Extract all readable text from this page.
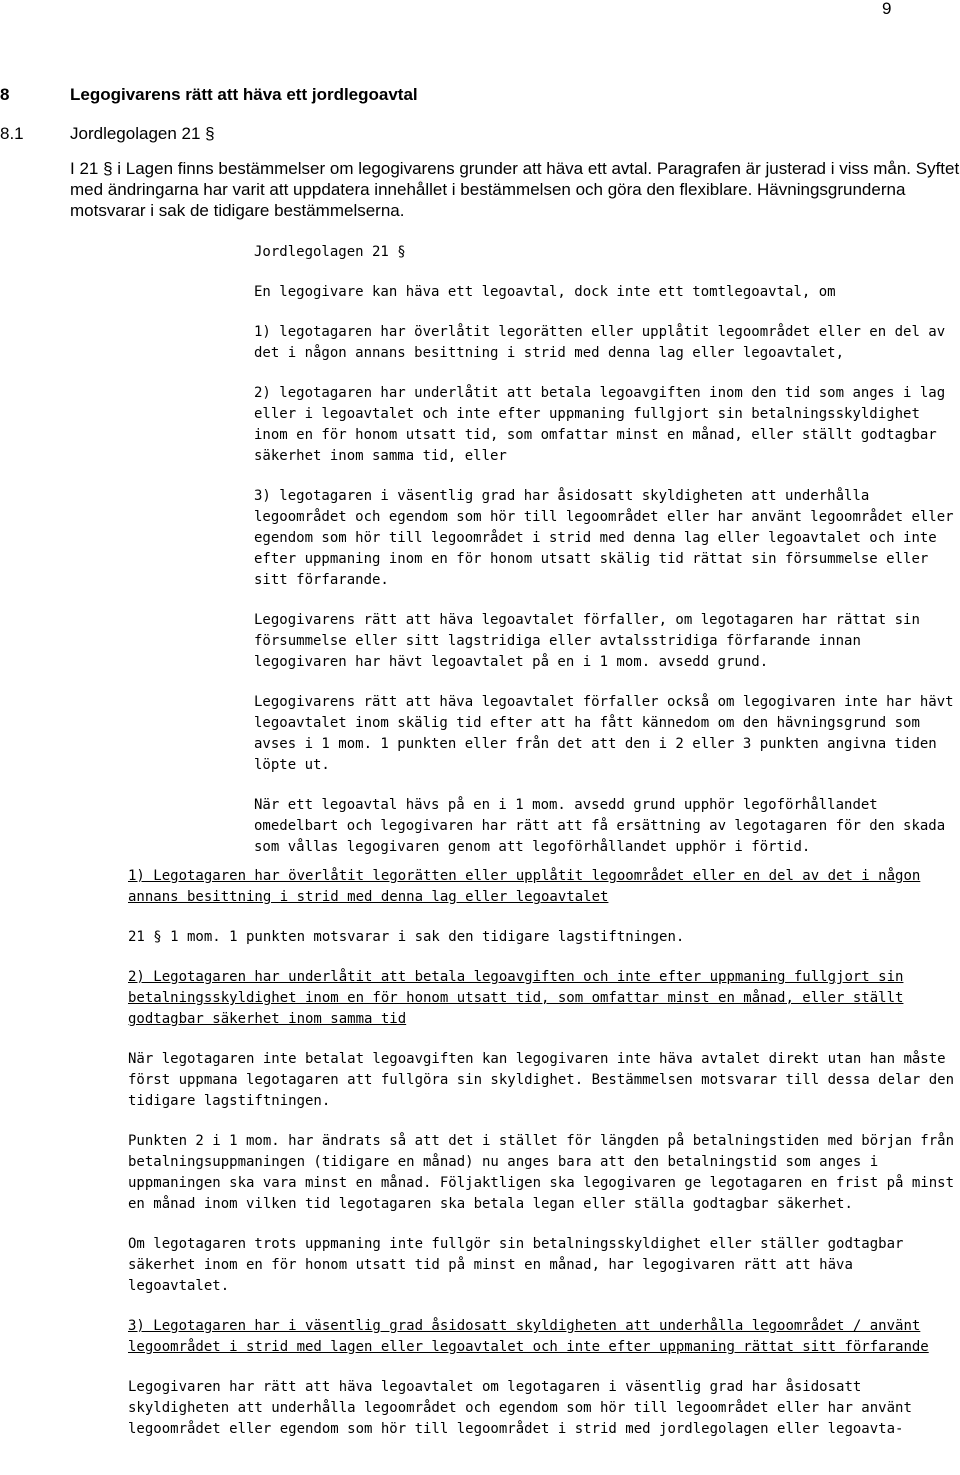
9
8	Legogivarens rätt att häva ett jordlegoavtal
8.1	Jordlegolagen 21 §

I 21 § i Lagen finns bestämmelser om legogivarens grunder att häva ett avtal. Paragrafen är justerad i viss mån. Syftet med ändringarna har varit att uppdatera innehållet i bestämmelsen och göra den flexiblare. Hävningsgrunderna motsvarar i sak de tidigare bestämmelserna.

Jordlegolagen 21 §

En legogivare kan häva ett legoavtal, dock inte ett tomtlegoavtal, om

1) legotagaren har överlåtit legorätten eller upplåtit legoområdet eller en del av det i någon annans besittning i strid med denna lag eller legoavtalet,

2) legotagaren har underlåtit att betala legoavgiften inom den tid som anges i lag eller i legoavtalet och inte efter uppmaning fullgjort sin betalningsskyldighet inom en för honom utsatt tid, som omfattar minst en månad, eller ställt godtagbar säkerhet inom samma tid, eller

3) legotagaren i väsentlig grad har åsidosatt skyldigheten att underhålla legoområdet och egendom som hör till legoområdet eller har använt legoområdet eller egendom som hör till legoområdet i strid med denna lag eller legoavtalet och inte efter uppmaning inom en för honom utsatt skälig tid rättat sin försummelse eller sitt förfarande.

Legogivarens rätt att häva legoavtalet förfaller, om legotagaren har rättat sin försummelse eller sitt lagstridiga eller avtalsstridiga förfarande innan legogivaren har hävt legoavtalet på en i 1 mom. avsedd grund.

Legogivarens rätt att häva legoavtalet förfaller också om legogivaren inte har hävt legoavtalet inom skälig tid efter att ha fått kännedom om den hävningsgrund som avses i 1 mom. 1 punkten eller från det att den i 2 eller 3 punkten angivna tiden löpte ut.

När ett legoavtal hävs på en i 1 mom. avsedd grund upphör legoförhållandet omedelbart och legogivaren har rätt att få ersättning av legotagaren för den skada som vållas legogivaren genom att legoförhållandet upphör i förtid.

1) Legotagaren har överlåtit legorätten eller upplåtit legoområdet eller en del av det i någon annans besittning i strid med denna lag eller legoavtalet

21 § 1 mom. 1 punkten motsvarar i sak den tidigare lagstiftningen.

2) Legotagaren har underlåtit att betala legoavgiften och inte efter uppmaning fullgjort sin betalningsskyldighet inom en för honom utsatt tid, som omfattar minst en månad, eller ställt godtagbar säkerhet inom samma tid

När legotagaren inte betalat legoavgiften kan legogivaren inte häva avtalet direkt utan han måste först uppmana legotagaren att fullgöra sin skyldighet. Bestämmelsen motsvarar till dessa delar den tidigare lagstiftningen.

Punkten 2 i 1 mom. har ändrats så att det i stället för längden på betalningstiden med början från betalningsuppmaningen (tidigare en månad) nu anges bara att den betalningstid som anges i uppmaningen ska vara minst en månad. Följaktligen ska legogivaren ge legotagaren en frist på minst en månad inom vilken tid legotagaren ska betala legan eller ställa godtagbar säkerhet.

Om legotagaren trots uppmaning inte fullgör sin betalningsskyldighet eller ställer godtagbar säkerhet inom en för honom utsatt tid på minst en månad, har legogivaren rätt att häva legoavtalet.

3) Legotagaren har i väsentlig grad åsidosatt skyldigheten att underhålla legoområdet / använt legoområdet i strid med lagen eller legoavtalet och inte efter uppmaning rättat sitt förfarande

Legogivaren har rätt att häva legoavtalet om legotagaren i väsentlig grad har åsidosatt skyldigheten att underhålla legoområdet och egendom som hör till legoområdet eller har använt legoområdet eller egendom som hör till legoområdet i strid med jordlegolagen eller legoavta-
